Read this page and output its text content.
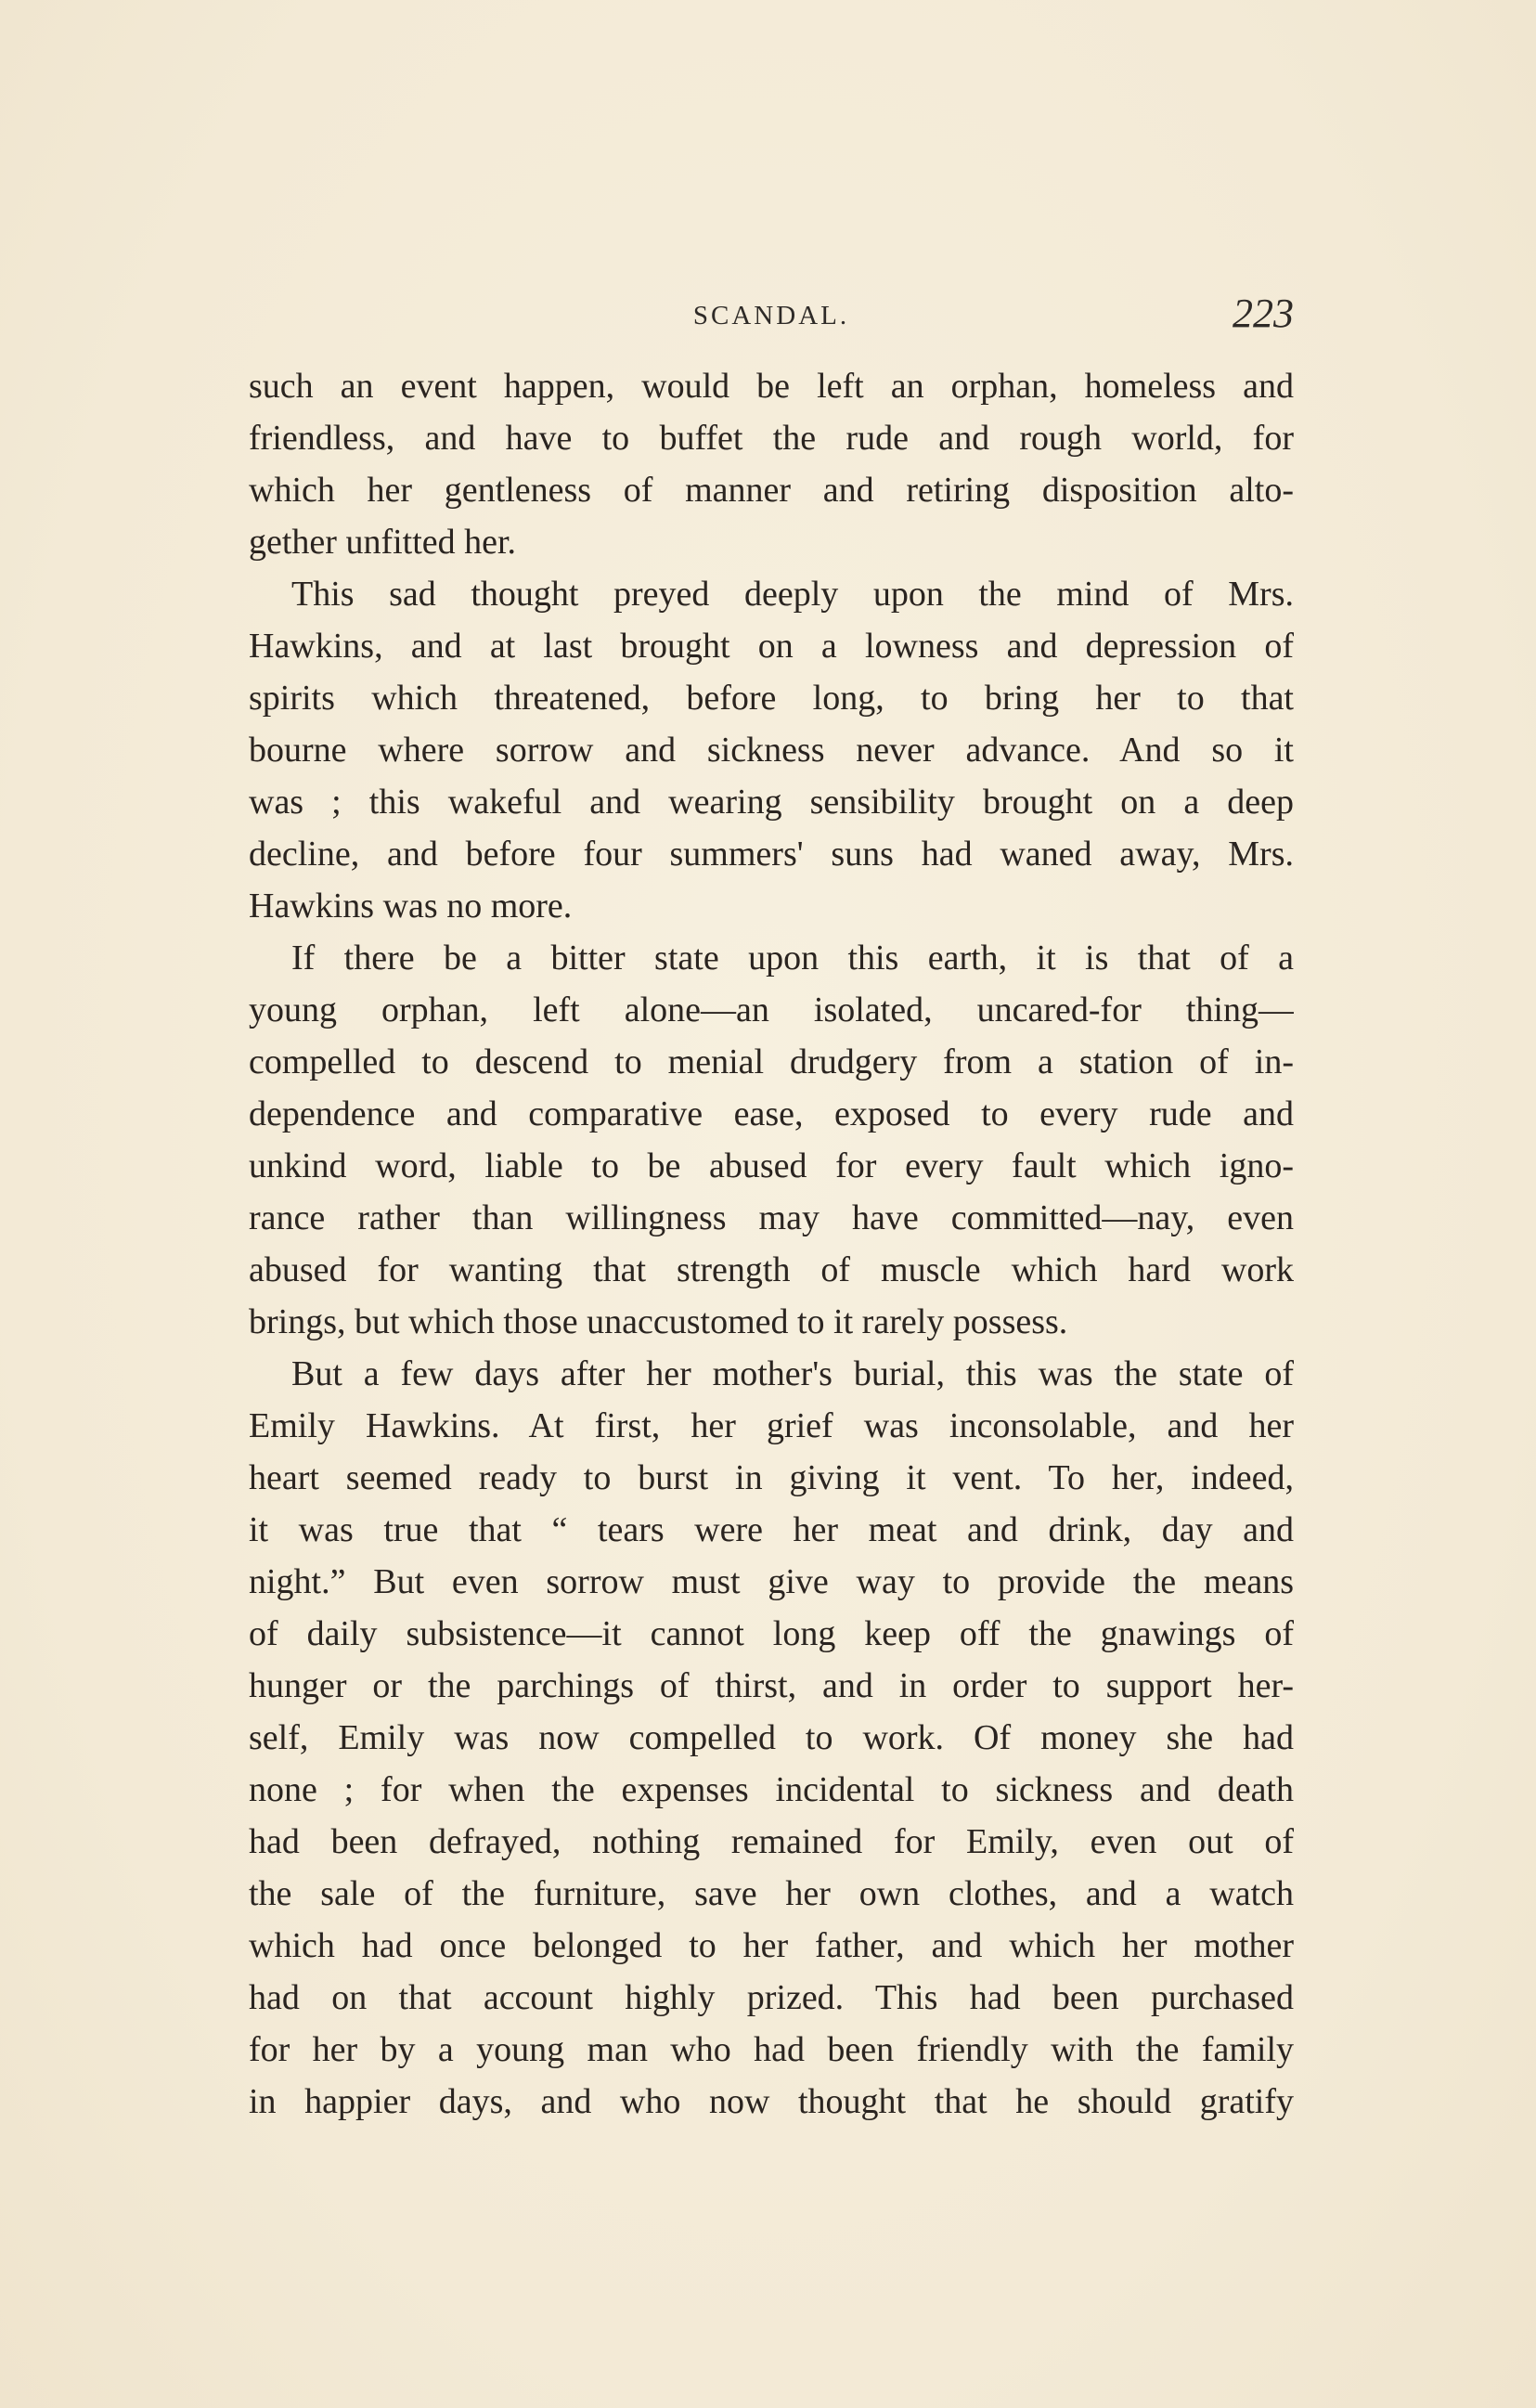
SCANDAL.	223
such an event happen, would be left an orphan, homeless and
friendless, and have to buffet the rude and rough world, for
which her gentleness of manner and retiring disposition alto-
gether unfitted her.
This sad thought preyed deeply upon the mind of Mrs.
Hawkins, and at last brought on a lowness and depression of
spirits which threatened, before long, to bring her to that
bourne where sorrow and sickness never advance. And so it
was ; this wakeful and wearing sensibility brought on a deep
decline, and before four summers' suns had waned away, Mrs.
Hawkins was no more.
If there be a bitter state upon this earth, it is that of a
young orphan, left alone—an isolated, uncared-for thing—
compelled to descend to menial drudgery from a station of in-
dependence and comparative ease, exposed to every rude and
unkind word, liable to be abused for every fault which igno-
rance rather than willingness may have committed—nay, even
abused for wanting that strength of muscle which hard work
brings, but which those unaccustomed to it rarely possess.
But a few days after her mother's burial, this was the state of
Emily Hawkins. At first, her grief was inconsolable, and her
heart seemed ready to burst in giving it vent. To her, indeed,
it was true that “ tears were her meat and drink, day and
night.” But even sorrow must give way to provide the means
of daily subsistence—it cannot long keep off the gnawings of
hunger or the parchings of thirst, and in order to support her-
self, Emily was now compelled to work. Of money she had
none ; for when the expenses incidental to sickness and death
had been defrayed, nothing remained for Emily, even out of
the sale of the furniture, save her own clothes, and a watch
which had once belonged to her father, and which her mother
had on that account highly prized. This had been purchased
for her by a young man who had been friendly with the family
in happier days, and who now thought that he should gratify
